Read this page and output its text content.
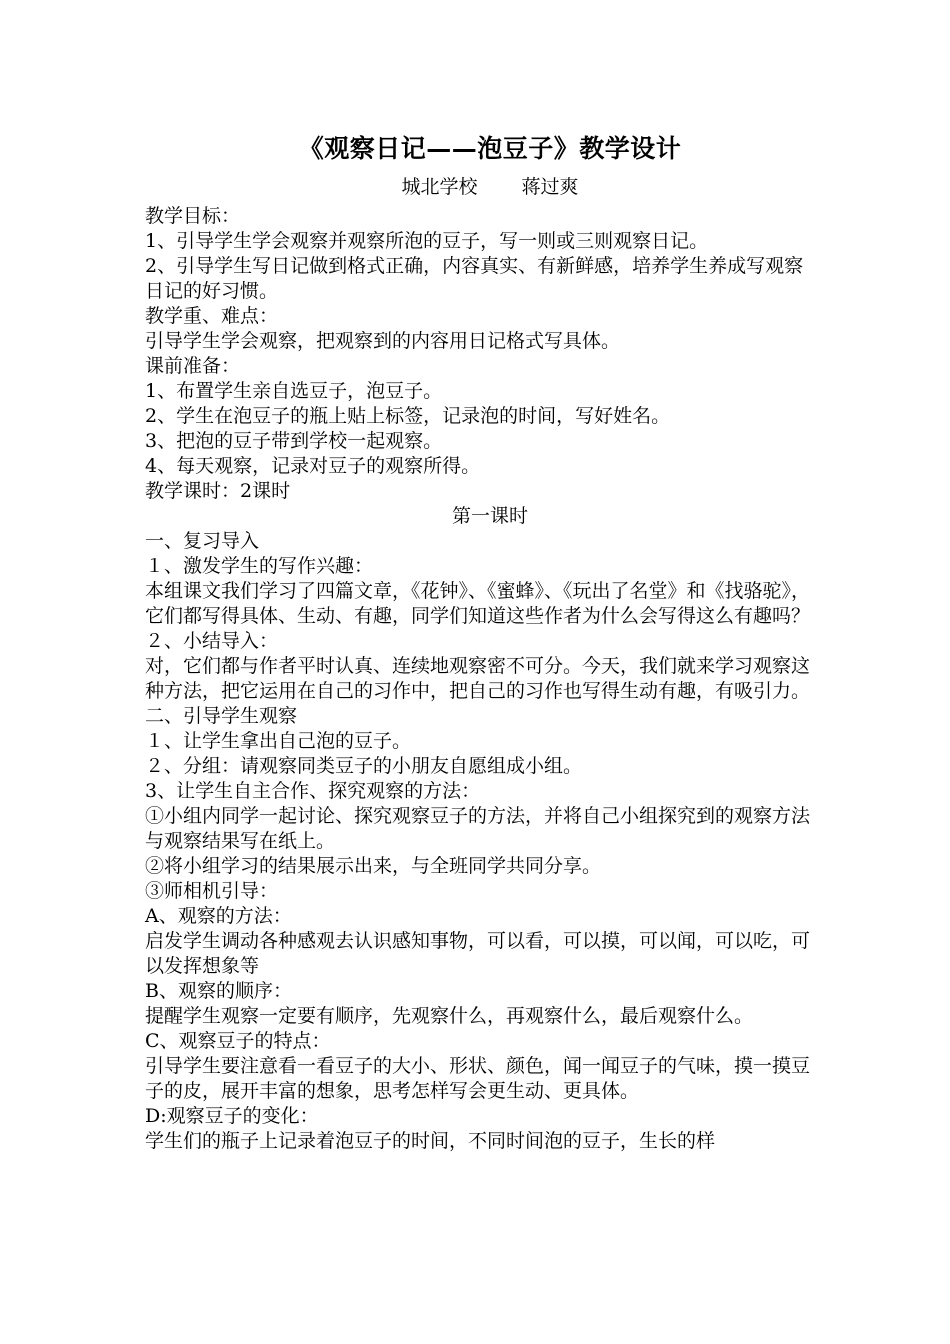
《观察日记——泡豆子》教学设计

城北学校　　 蒋过爽

教学目标：

1、引导学生学会观察并观察所泡的豆子，写一则或三则观察日记。

2、引导学生写日记做到格式正确，内容真实、有新鲜感，培养学生养成写观察日记的好习惯。

教学重、难点：

引导学生学会观察，把观察到的内容用日记格式写具体。

课前准备：

1、布置学生亲自选豆子，泡豆子。

2、学生在泡豆子的瓶上贴上标签，记录泡的时间，写好姓名。

3、把泡的豆子带到学校一起观察。

4、每天观察，记录对豆子的观察所得。

教学课时：2课时

第一课时

一、复习导入

１、激发学生的写作兴趣：

本组课文我们学习了四篇文章，《花钟》、《蜜蜂》、《玩出了名堂》和《找骆驼》，它们都写得具体、生动、有趣，同学们知道这些作者为什么会写得这么有趣吗？

２、小结导入：

对，它们都与作者平时认真、连续地观察密不可分。今天，我们就来学习观察这种方法，把它运用在自己的习作中，把自己的习作也写得生动有趣，有吸引力。

二、引导学生观察

１、让学生拿出自己泡的豆子。

２、分组：请观察同类豆子的小朋友自愿组成小组。

3、让学生自主合作、探究观察的方法：

①小组内同学一起讨论、探究观察豆子的方法，并将自己小组探究到的观察方法与观察结果写在纸上。

②将小组学习的结果展示出来，与全班同学共同分享。

③师相机引导：

A、观察的方法：

启发学生调动各种感观去认识感知事物，可以看，可以摸，可以闻，可以吃，可以发挥想象等

B、观察的顺序：

提醒学生观察一定要有顺序，先观察什么，再观察什么，最后观察什么。

C、观察豆子的特点：

引导学生要注意看一看豆子的大小、形状、颜色，闻一闻豆子的气味，摸一摸豆子的皮，展开丰富的想象，思考怎样写会更生动、更具体。

D:观察豆子的变化：

学生们的瓶子上记录着泡豆子的时间，不同时间泡的豆子，生长的样
